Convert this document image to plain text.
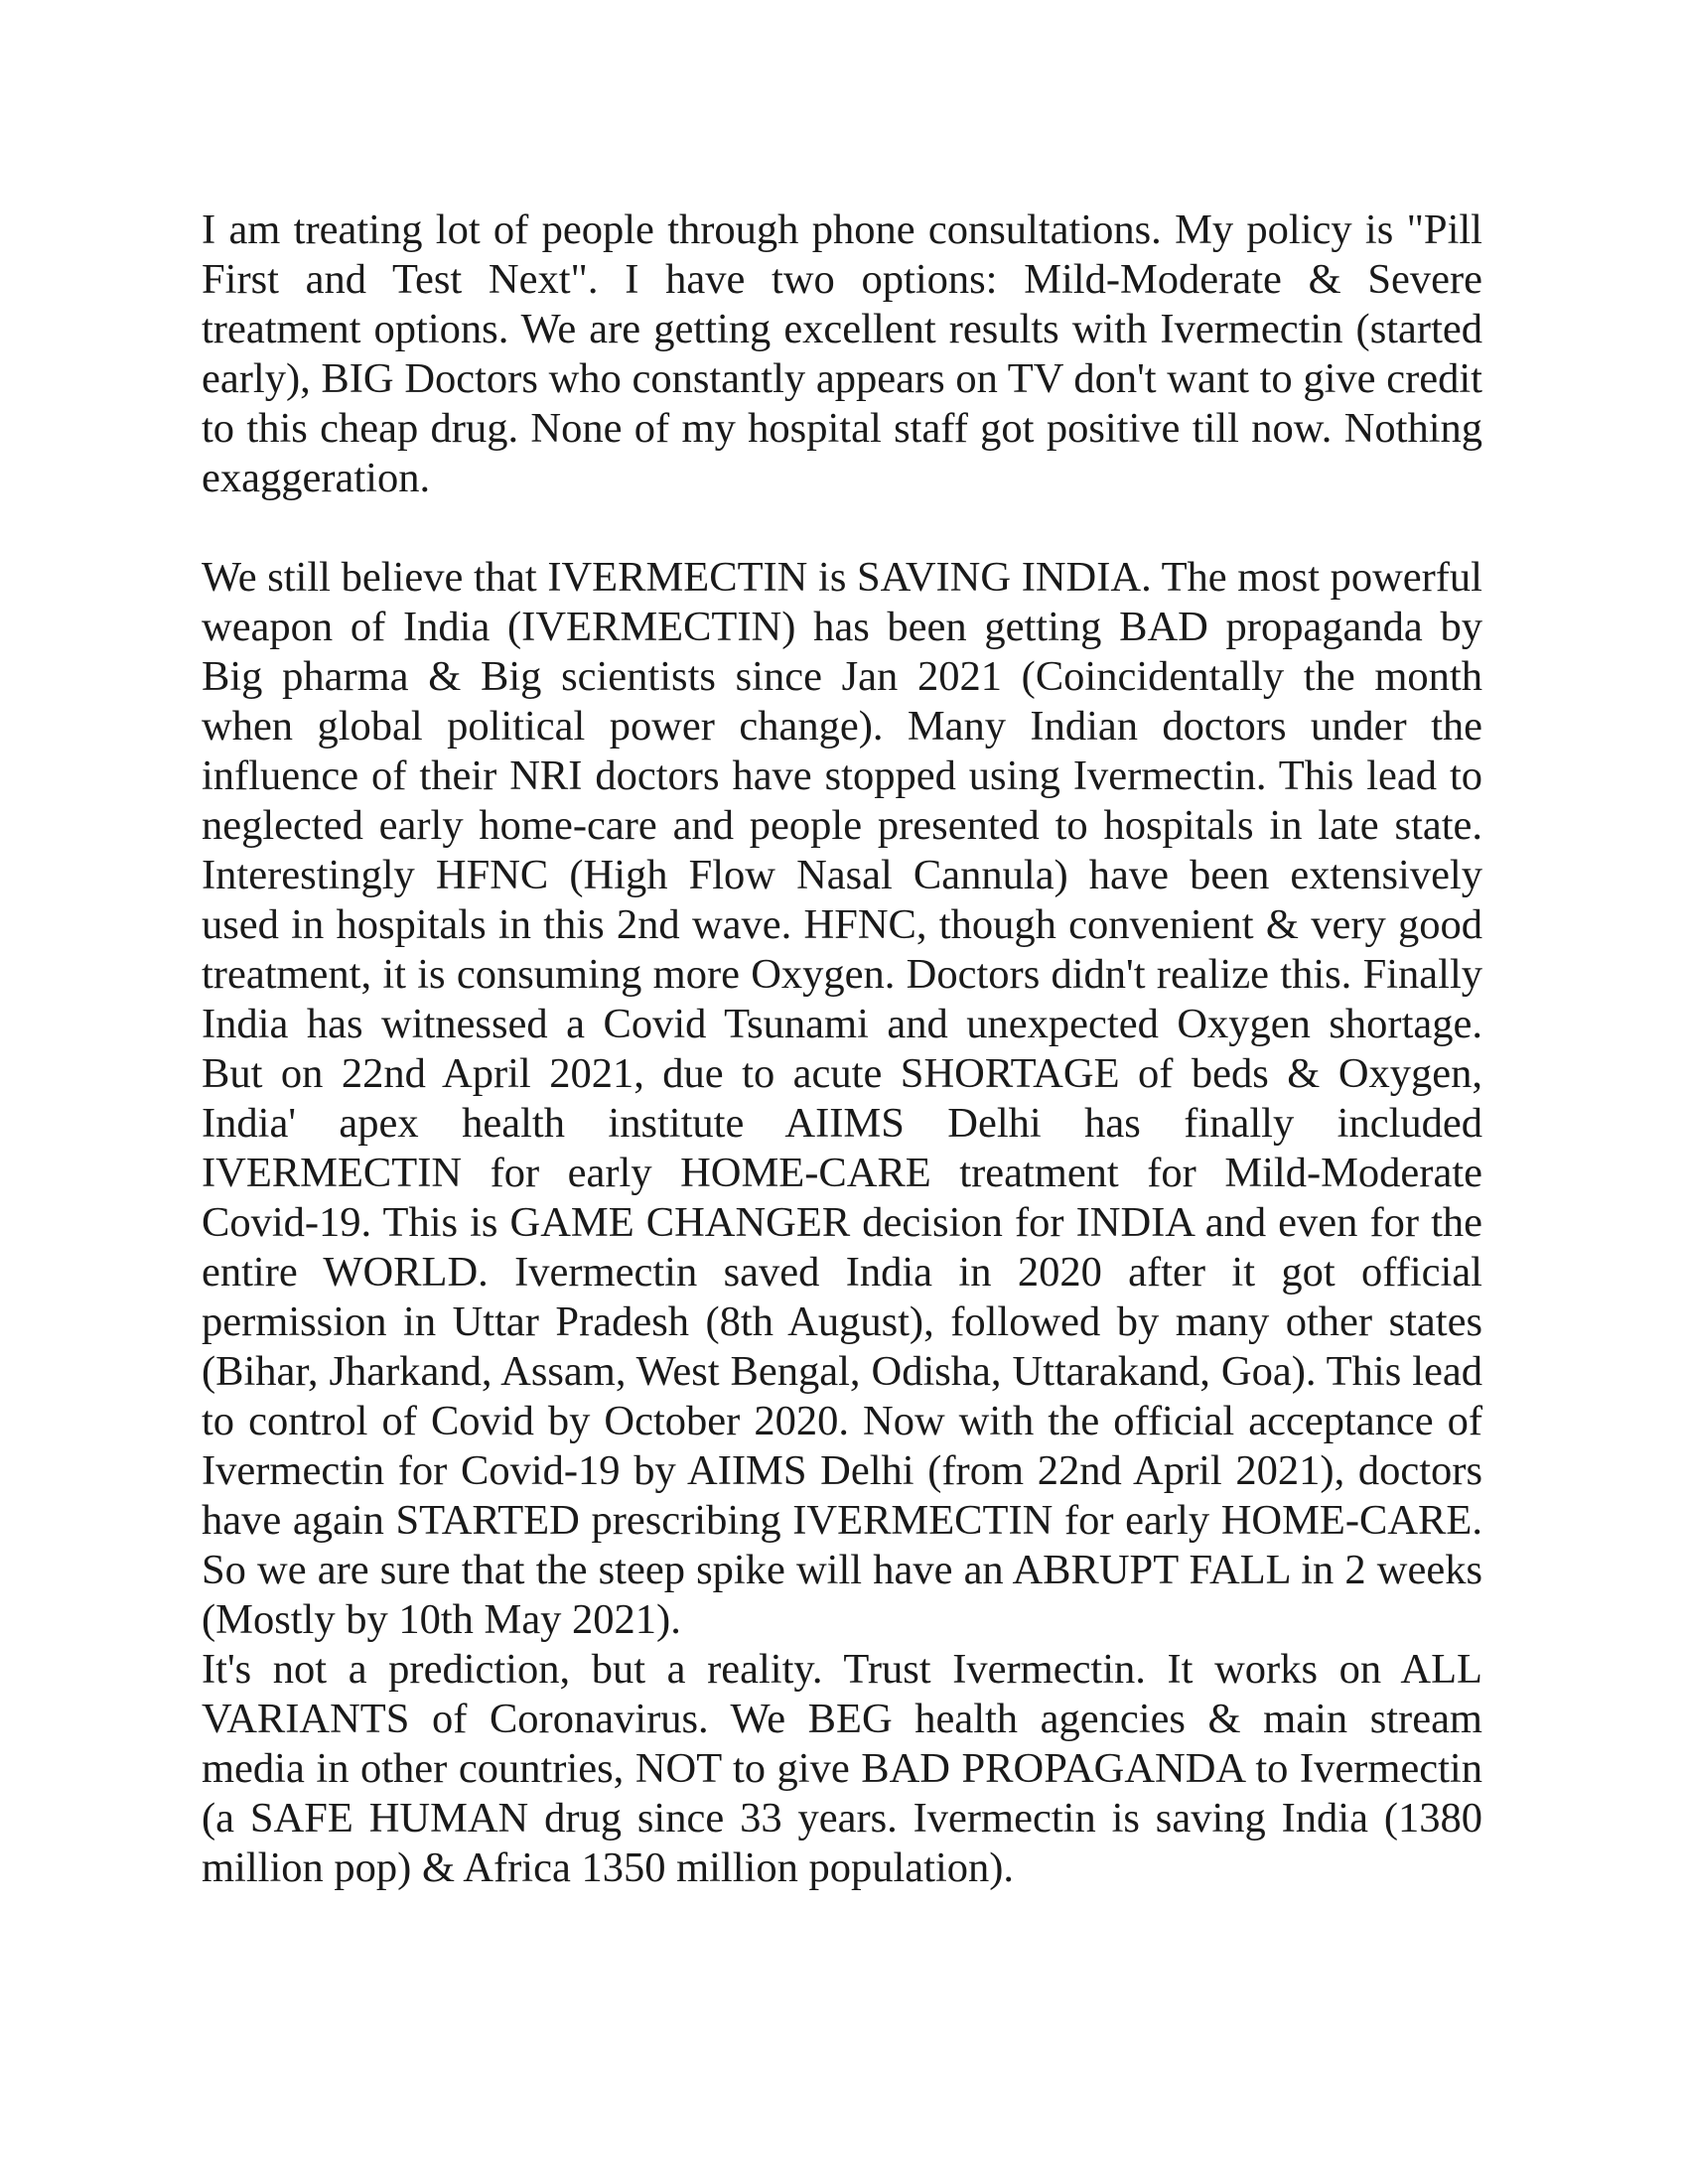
I am treating lot of people through phone consultations. My policy is "Pill First and Test Next". I have two options: Mild-Moderate & Severe treatment options. We are getting excellent results with Ivermectin (started early), BIG Doctors who constantly appears on TV don't want to give credit to this cheap drug. None of my hospital staff got positive till now. Nothing exaggeration.

We still believe that IVERMECTIN is SAVING INDIA. The most powerful weapon of India (IVERMECTIN) has been getting BAD propaganda by Big pharma & Big scientists since Jan 2021 (Coincidentally the month when global political power change). Many Indian doctors under the influence of their NRI doctors have stopped using Ivermectin. This lead to neglected early home-care and people presented to hospitals in late state. Interestingly HFNC (High Flow Nasal Cannula) have been extensively used in hospitals in this 2nd wave. HFNC, though convenient & very good treatment, it is consuming more Oxygen. Doctors didn't realize this. Finally India has witnessed a Covid Tsunami and unexpected Oxygen shortage. But on 22nd April 2021, due to acute SHORTAGE of beds & Oxygen, India' apex health institute AIIMS Delhi has finally included IVERMECTIN for early HOME-CARE treatment for Mild-Moderate Covid-19. This is GAME CHANGER decision for INDIA and even for the entire WORLD. Ivermectin saved India in 2020 after it got official permission in Uttar Pradesh (8th August), followed by many other states (Bihar, Jharkand, Assam, West Bengal, Odisha, Uttarakand, Goa). This lead to control of Covid by October 2020. Now with the official acceptance of Ivermectin for Covid-19 by AIIMS Delhi (from 22nd April 2021), doctors have again STARTED prescribing IVERMECTIN for early HOME-CARE. So we are sure that the steep spike will have an ABRUPT FALL in 2 weeks (Mostly by 10th May 2021).

It's not a prediction, but a reality. Trust Ivermectin. It works on ALL VARIANTS of Coronavirus. We BEG health agencies & main stream media in other countries, NOT to give BAD PROPAGANDA to Ivermectin (a SAFE HUMAN drug since 33 years. Ivermectin is saving India (1380 million pop) & Africa 1350 million population).
